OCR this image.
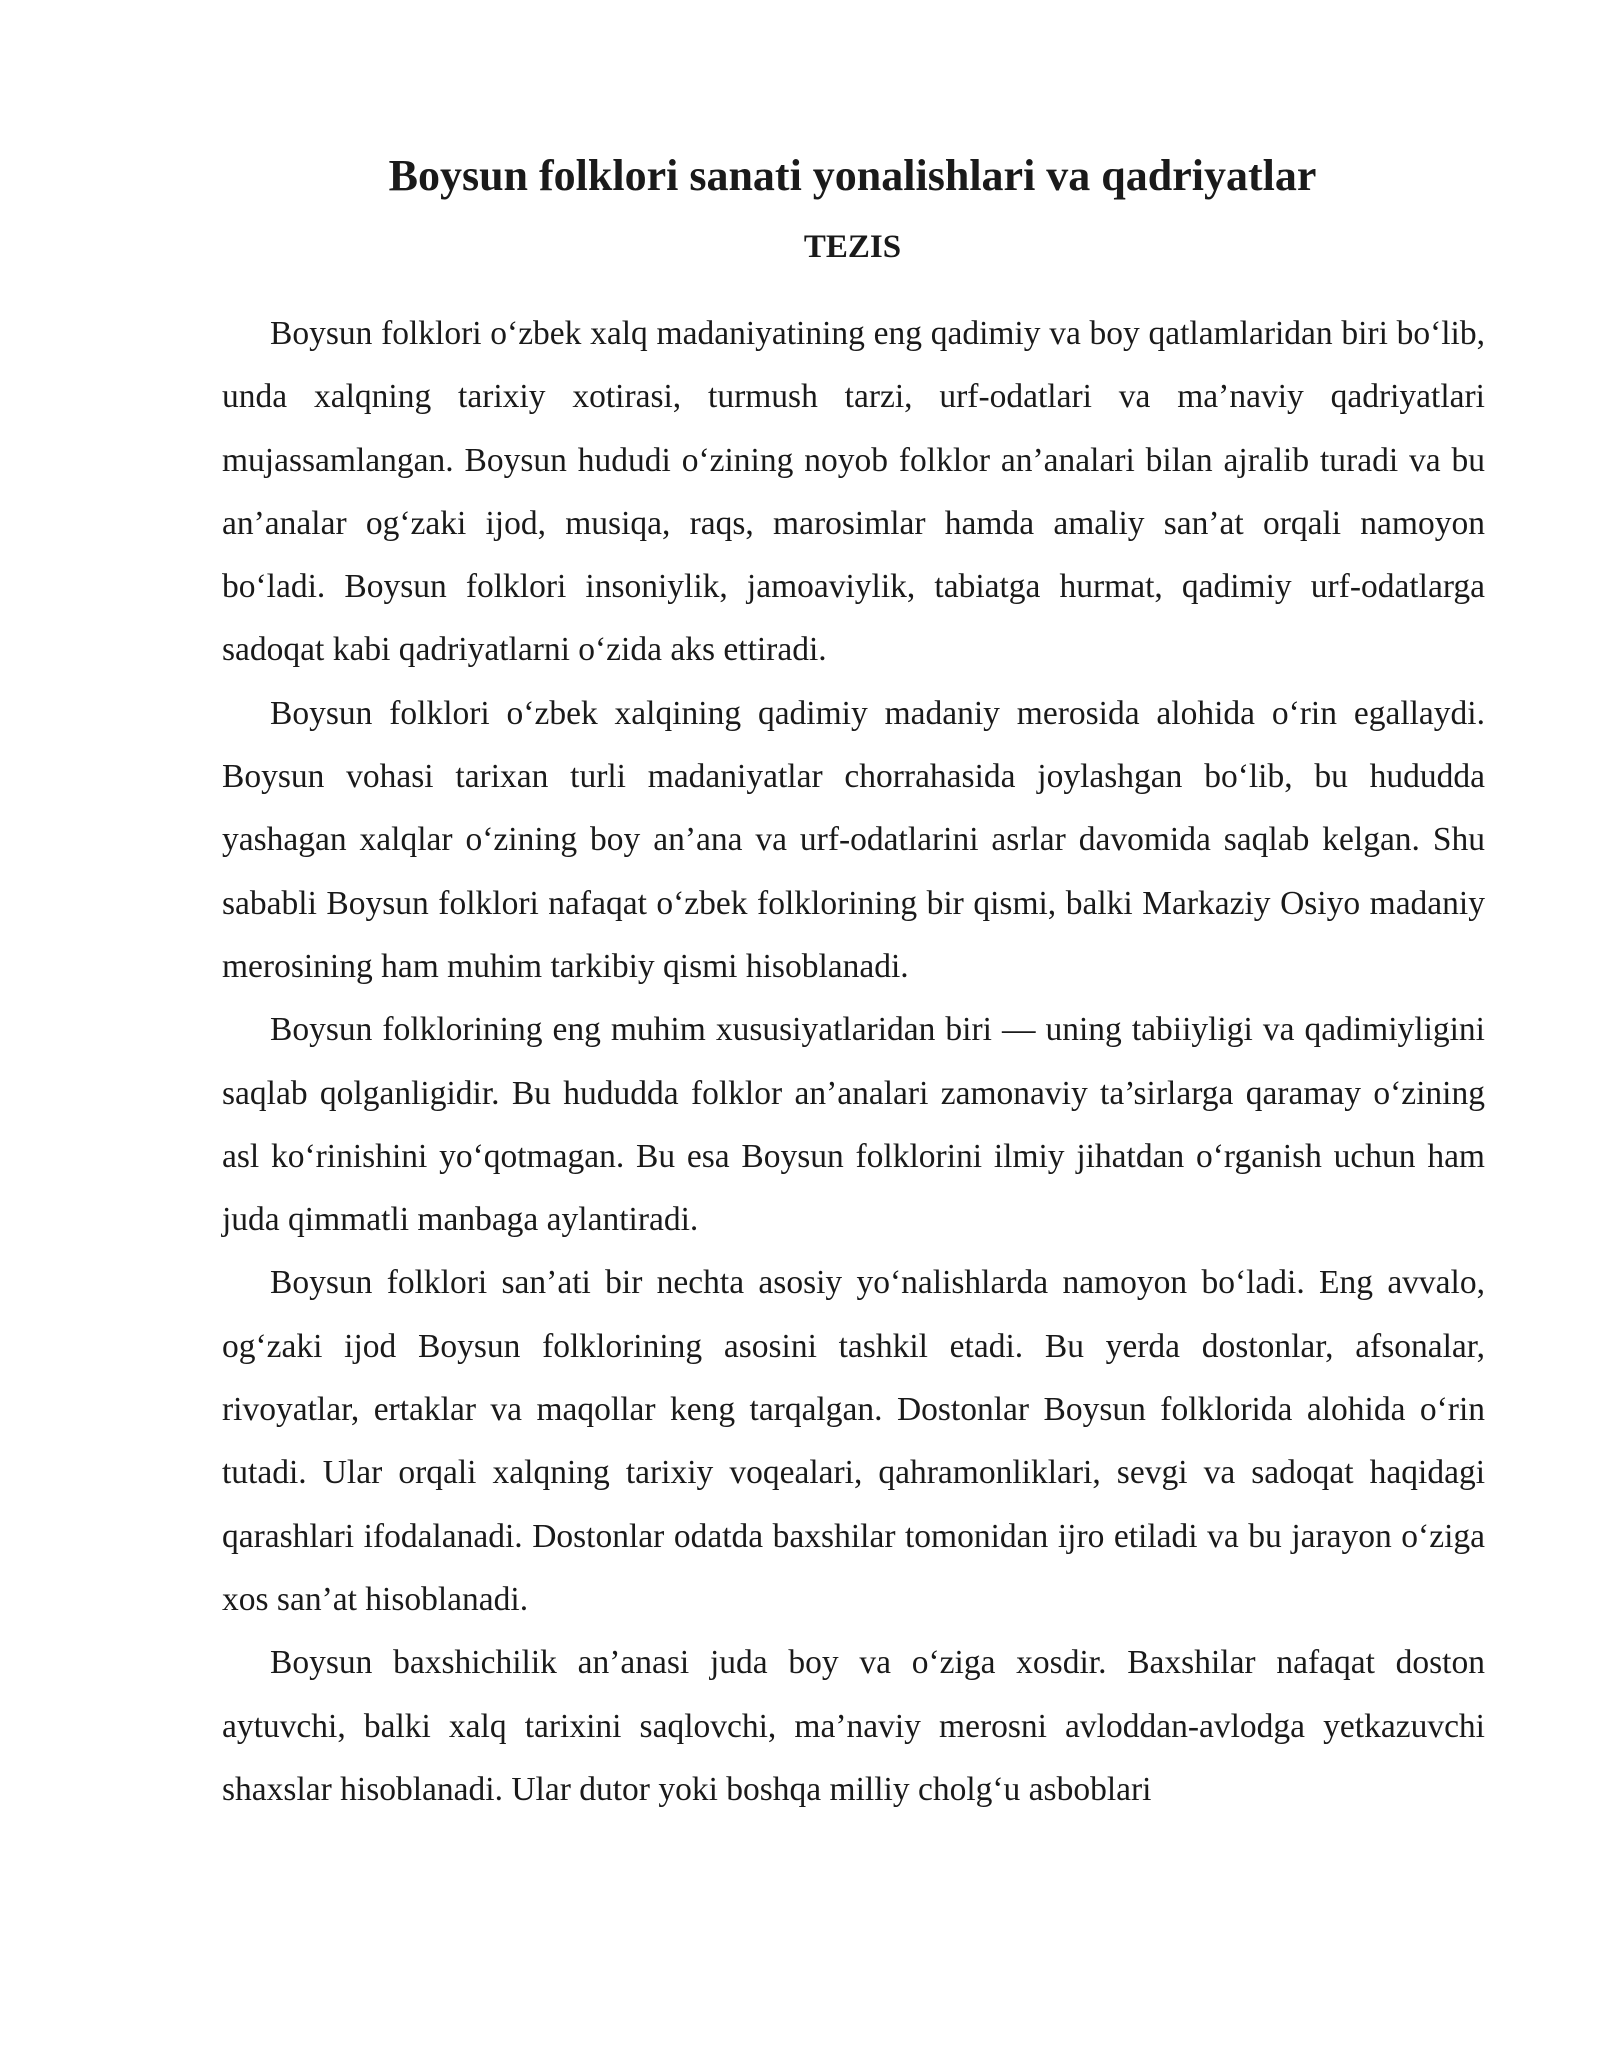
Boysun folklori sanati yonalishlari va qadriyatlar
TEZIS

Boysun folklori o‘zbek xalq madaniyatining eng qadimiy va boy qatlamlaridan biri bo‘lib, unda xalqning tarixiy xotirasi, turmush tarzi, urf-odatlari va ma’naviy qadriyatlari mujassamlangan. Boysun hududi o‘zining noyob folklor an’analari bilan ajralib turadi va bu an’analar og‘zaki ijod, musiqa, raqs, marosimlar hamda amaliy san’at orqali namoyon bo‘ladi. Boysun folklori insoniylik, jamoaviylik, tabiatga hurmat, qadimiy urf-odatlarga sadoqat kabi qadriyatlarni o‘zida aks ettiradi.

Boysun folklori o‘zbek xalqining qadimiy madaniy merosida alohida o‘rin egallaydi. Boysun vohasi tarixan turli madaniyatlar chorrahasida joylashgan bo‘lib, bu hududda yashagan xalqlar o‘zining boy an’ana va urf-odatlarini asrlar davomida saqlab kelgan. Shu sababli Boysun folklori nafaqat o‘zbek folklorining bir qismi, balki Markaziy Osiyo madaniy merosining ham muhim tarkibiy qismi hisoblanadi.

Boysun folklorining eng muhim xususiyatlaridan biri — uning tabiiyligi va qadimiyligini saqlab qolganligidir. Bu hududda folklor an’analari zamonaviy ta’sirlarga qaramay o‘zining asl ko‘rinishini yo‘qotmagan. Bu esa Boysun folklorini ilmiy jihatdan o‘rganish uchun ham juda qimmatli manbaga aylantiradi.

Boysun folklori san’ati bir nechta asosiy yo‘nalishlarda namoyon bo‘ladi. Eng avvalo, og‘zaki ijod Boysun folklorining asosini tashkil etadi. Bu yerda dostonlar, afsonalar, rivoyatlar, ertaklar va maqollar keng tarqalgan. Dostonlar Boysun folklorida alohida o‘rin tutadi. Ular orqali xalqning tarixiy voqealari, qahramonliklari, sevgi va sadoqat haqidagi qarashlari ifodalanadi. Dostonlar odatda baxshilar tomonidan ijro etiladi va bu jarayon o‘ziga xos san’at hisoblanadi.

Boysun baxshichilik an’anasi juda boy va o‘ziga xosdir. Baxshilar nafaqat doston aytuvchi, balki xalq tarixini saqlovchi, ma’naviy merosni avloddan-avlodga yetkazuvchi shaxslar hisoblanadi. Ular dutor yoki boshqa milliy cholg‘u asboblari
